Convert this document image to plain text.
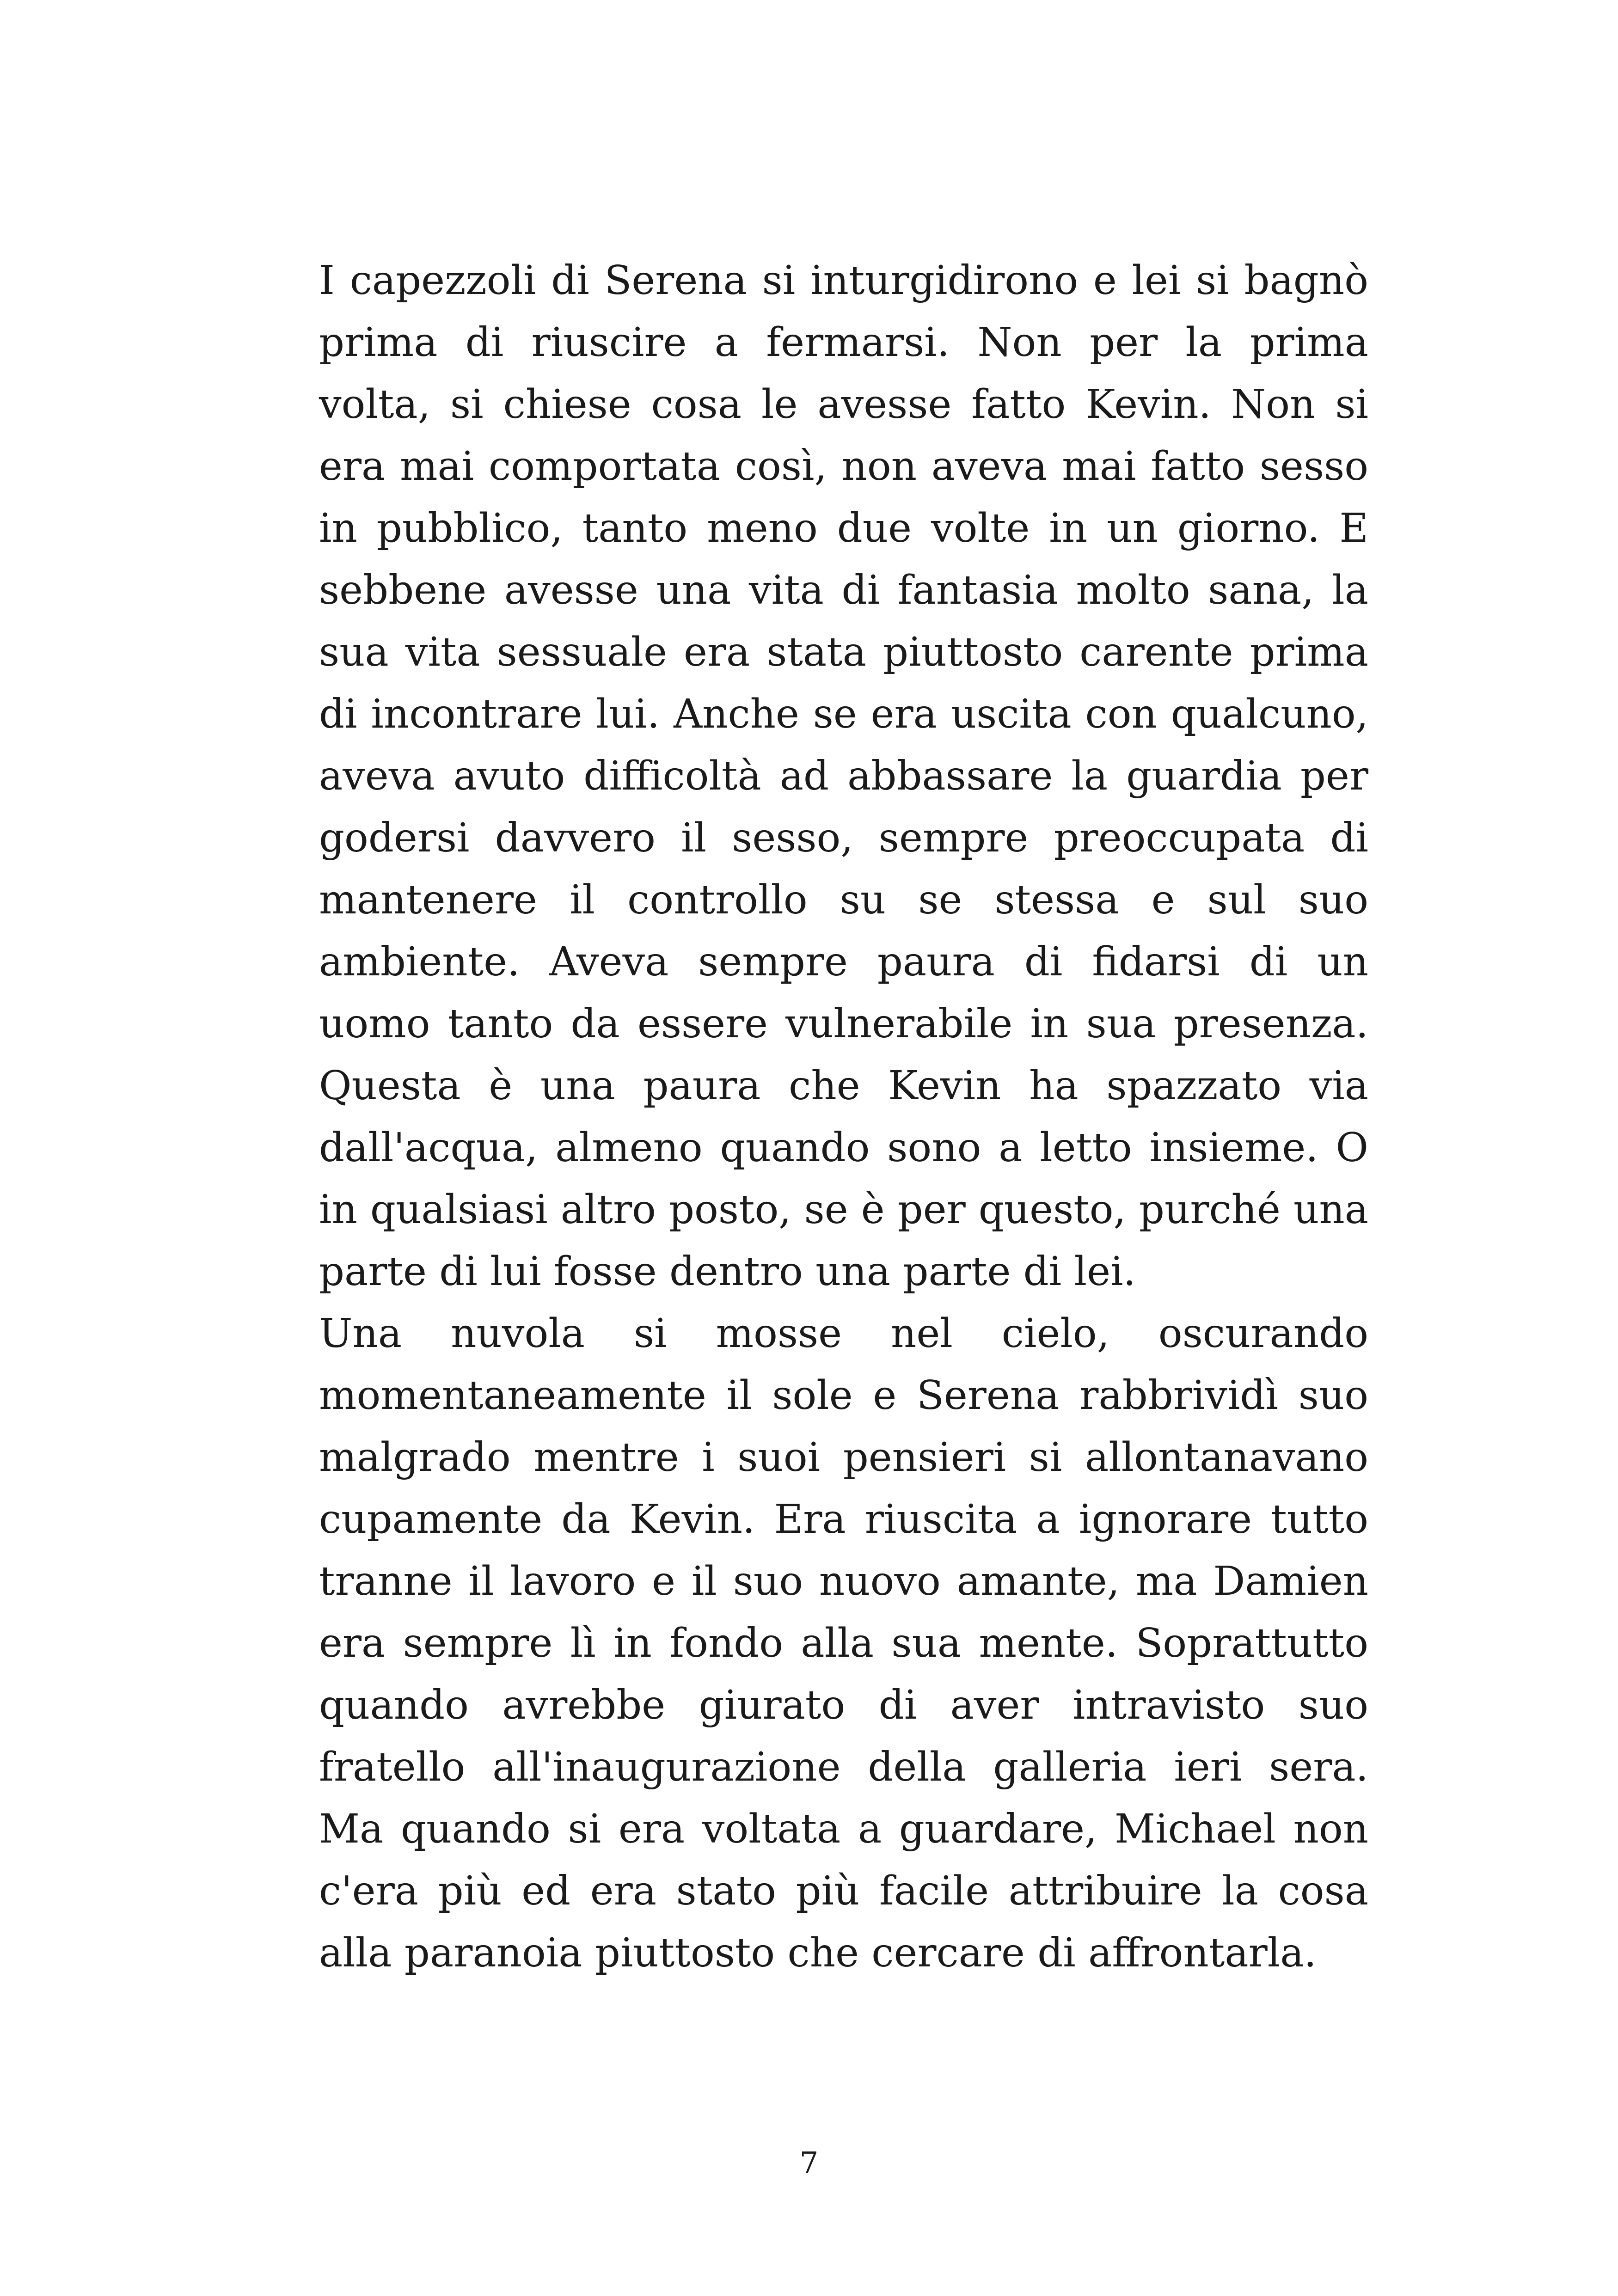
I capezzoli di Serena si inturgidirono e lei si bagnò prima di riuscire a fermarsi. Non per la prima volta, si chiese cosa le avesse fatto Kevin. Non si era mai comportata così, non aveva mai fatto sesso in pubblico, tanto meno due volte in un giorno. E sebbene avesse una vita di fantasia molto sana, la sua vita sessuale era stata piuttosto carente prima di incontrare lui. Anche se era uscita con qualcuno, aveva avuto difficoltà ad abbassare la guardia per godersi davvero il sesso, sempre preoccupata di mantenere il controllo su se stessa e sul suo ambiente. Aveva sempre paura di fidarsi di un uomo tanto da essere vulnerabile in sua presenza. Questa è una paura che Kevin ha spazzato via dall'acqua, almeno quando sono a letto insieme. O in qualsiasi altro posto, se è per questo, purché una parte di lui fosse dentro una parte di lei.

Una nuvola si mosse nel cielo, oscurando momentaneamente il sole e Serena rabbrividì suo malgrado mentre i suoi pensieri si allontanavano cupamente da Kevin. Era riuscita a ignorare tutto tranne il lavoro e il suo nuovo amante, ma Damien era sempre lì in fondo alla sua mente. Soprattutto quando avrebbe giurato di aver intravisto suo fratello all'inaugurazione della galleria ieri sera. Ma quando si era voltata a guardare, Michael non c'era più ed era stato più facile attribuire la cosa alla paranoia piuttosto che cercare di affrontarla.

7
